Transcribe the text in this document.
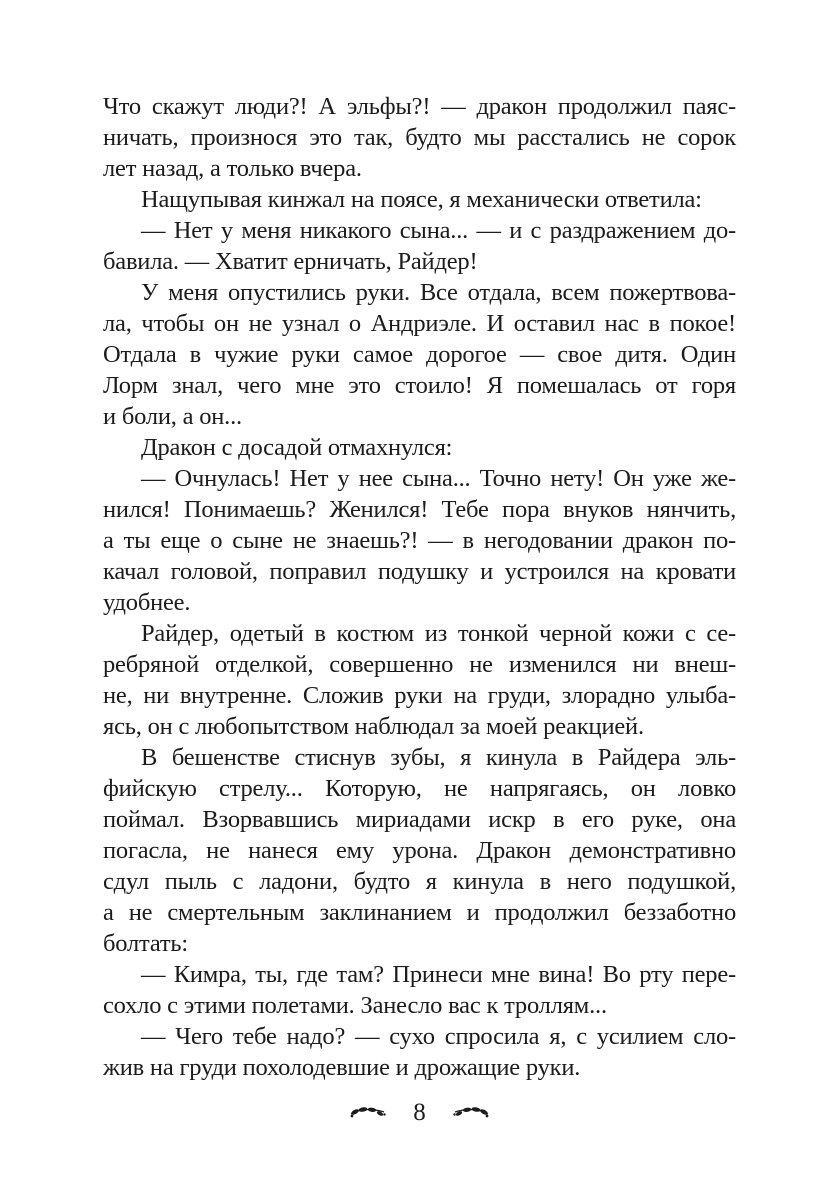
Что скажут люди?! А эльфы?! — дракон продолжил паяс-
ничать, произнося это так, будто мы расстались не сорок
лет назад, а только вчера.
Нащупывая кинжал на поясе, я механически ответила:
— Нет у меня никакого сына... — и с раздражением до-
бавила. — Хватит ерничать, Райдер!
У меня опустились руки. Все отдала, всем пожертвова-
ла, чтобы он не узнал о Андриэле. И оставил нас в покое!
Отдала в чужие руки самое дорогое — свое дитя. Один
Лорм знал, чего мне это стоило! Я помешалась от горя
и боли, а он...
Дракон с досадой отмахнулся:
— Очнулась! Нет у нее сына... Точно нету! Он уже же-
нился! Понимаешь? Женился! Тебе пора внуков нянчить,
а ты еще о сыне не знаешь?! — в негодовании дракон по-
качал головой, поправил подушку и устроился на кровати
удобнее.
Райдер, одетый в костюм из тонкой черной кожи с се-
ребряной отделкой, совершенно не изменился ни внеш-
не, ни внутренне. Сложив руки на груди, злорадно улыба-
ясь, он с любопытством наблюдал за моей реакцией.
В бешенстве стиснув зубы, я кинула в Райдера эль-
фийскую стрелу... Которую, не напрягаясь, он ловко
поймал. Взорвавшись мириадами искр в его руке, она
погасла, не нанеся ему урона. Дракон демонстративно
сдул пыль с ладони, будто я кинула в него подушкой,
а не смертельным заклинанием и продолжил беззаботно
болтать:
— Кимра, ты, где там? Принеси мне вина! Во рту пере-
сохло с этими полетами. Занесло вас к троллям...
— Чего тебе надо? — сухо спросила я, с усилием сло-
жив на груди похолодевшие и дрожащие руки.
8
